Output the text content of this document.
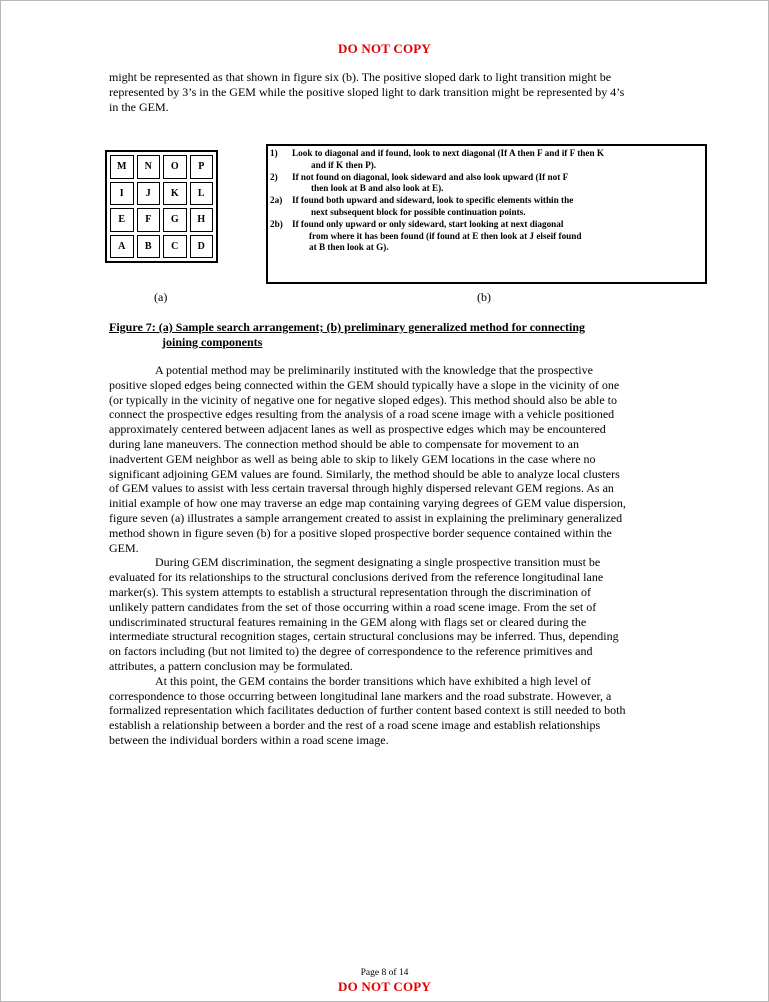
DO NOT COPY
might be represented as that shown in figure six (b). The positive sloped dark to light transition might be
represented by 3’s in the GEM while the positive sloped light to dark transition might be represented by 4’s
in the GEM.
M	N	O	P
I	J	K	L
E	F	G	H
A	B	C	D
1)	Look to diagonal and if found, look to next diagonal (If A then F and if F then K

and if K then P).
2)	If not found on diagonal, look sideward and also look upward (If not F

then look at B and also look at E).
2a)	If found both upward and sideward, look to specific elements within the

next subsequent block for possible continuation points.
2b)	If found only upward or only sideward, start looking at next diagonal

from where it has been found (if found at E then look at J elseif found
at B then look at G).
(a)	(b)
Figure 7: (a) Sample search arrangement; (b) preliminary generalized method for connecting
joining components
A potential method may be preliminarily instituted with the knowledge that the prospective
positive sloped edges being connected within the GEM should typically have a slope in the vicinity of one
(or typically in the vicinity of negative one for negative sloped edges). This method should also be able to
connect the prospective edges resulting from the analysis of a road scene image with a vehicle positioned
approximately centered between adjacent lanes as well as prospective edges which may be encountered
during lane maneuvers. The connection method should be able to compensate for movement to an
inadvertent GEM neighbor as well as being able to skip to likely GEM locations in the case where no
significant adjoining GEM values are found. Similarly, the method should be able to analyze local clusters
of GEM values to assist with less certain traversal through highly dispersed relevant GEM regions. As an
initial example of how one may traverse an edge map containing varying degrees of GEM value dispersion,
figure seven (a) illustrates a sample arrangement created to assist in explaining the preliminary generalized
method shown in figure seven (b) for a positive sloped prospective border sequence contained within the
GEM.
During GEM discrimination, the segment designating a single prospective transition must be
evaluated for its relationships to the structural conclusions derived from the reference longitudinal lane
marker(s). This system attempts to establish a structural representation through the discrimination of
unlikely pattern candidates from the set of those occurring within a road scene image. From the set of
undiscriminated structural features remaining in the GEM along with flags set or cleared during the
intermediate structural recognition stages, certain structural conclusions may be inferred. Thus, depending
on factors including (but not limited to) the degree of correspondence to the reference primitives and
attributes, a pattern conclusion may be formulated.
At this point, the GEM contains the border transitions which have exhibited a high level of
correspondence to those occurring between longitudinal lane markers and the road substrate. However, a
formalized representation which facilitates deduction of further content based context is still needed to both
establish a relationship between a border and the rest of a road scene image and establish relationships
between the individual borders within a road scene image.
Page 8 of 14
DO NOT COPY
